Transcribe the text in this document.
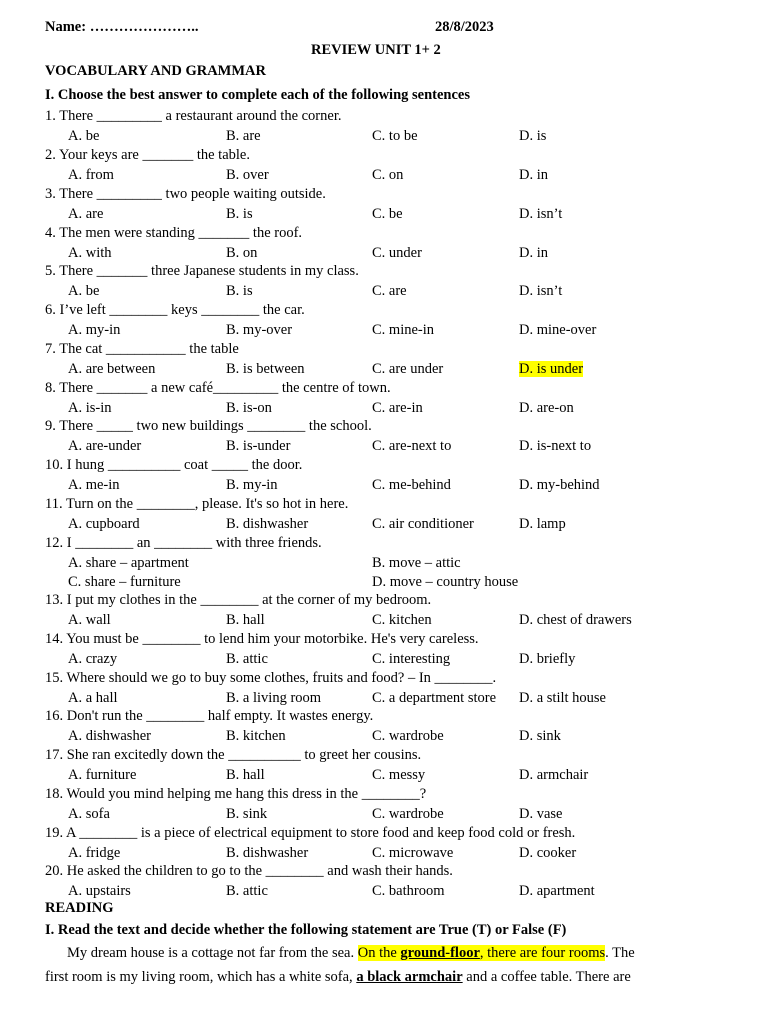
Name: …………………..	28/8/2023
REVIEW UNIT 1+ 2
VOCABULARY AND GRAMMAR
I. Choose the best answer to complete each of the following sentences
1. There _________ a restaurant around the corner.
A. be	B. are	C. to be	D. is
2. Your keys are _______ the table.
A. from	B. over	C. on	D. in
3. There _________ two people waiting outside.
A. are	B. is	C. be	D. isn’t
4. The men were standing _______ the roof.
A. with	B. on	C. under	D. in
5. There _______ three Japanese students in my class.
A. be	B. is	C. are	D. isn’t
6. I’ve left ________ keys ________ the car.
A. my-in	B. my-over	C. mine-in	D. mine-over
7. The cat ___________ the table
A. are between	B. is between	C. are under	D. is under
8. There _______ a new café_________ the centre of town.
A. is-in	B. is-on	C. are-in	D. are-on
9. There _____ two new buildings ________ the school.
A. are-under	B. is-under	C. are-next to	D. is-next to
10. I hung __________ coat _____ the door.
A. me-in	B. my-in	C. me-behind	D. my-behind
11. Turn on the ________, please. It's so hot in here.
A. cupboard	B. dishwasher	C. air conditioner	D. lamp
12. I ________ an ________ with three friends.
A. share – apartment	B. move – attic
C. share – furniture	D. move – country house
13. I put my clothes in the ________ at the corner of my bedroom.
A. wall	B. hall	C. kitchen	D. chest of drawers
14. You must be ________ to lend him your motorbike. He's very careless.
A. crazy	B. attic	C. interesting	D. briefly
15. Where should we go to buy some clothes, fruits and food? – In ________.
A. a hall	B. a living room	C. a department store D. a stilt house
16. Don't run the ________ half empty. It wastes energy.
A. dishwasher	B. kitchen	C. wardrobe	D. sink
17. She ran excitedly down the __________ to greet her cousins.
A. furniture	B. hall	C. messy	D. armchair
18. Would you mind helping me hang this dress in the ________?
A. sofa	B. sink	C. wardrobe	D. vase
19. A ________ is a piece of electrical equipment to store food and keep food cold or fresh.
A. fridge	B. dishwasher	C. microwave	D. cooker
20. He asked the children to go to the ________ and wash their hands.
A. upstairs	B. attic	C. bathroom	D. apartment
READING
I. Read the text and decide whether the following statement are True (T) or False (F)
My dream house is a cottage not far from the sea. On the ground-floor, there are four rooms. The
first room is my living room, which has a white sofa, a black armchair and a coffee table. There are
